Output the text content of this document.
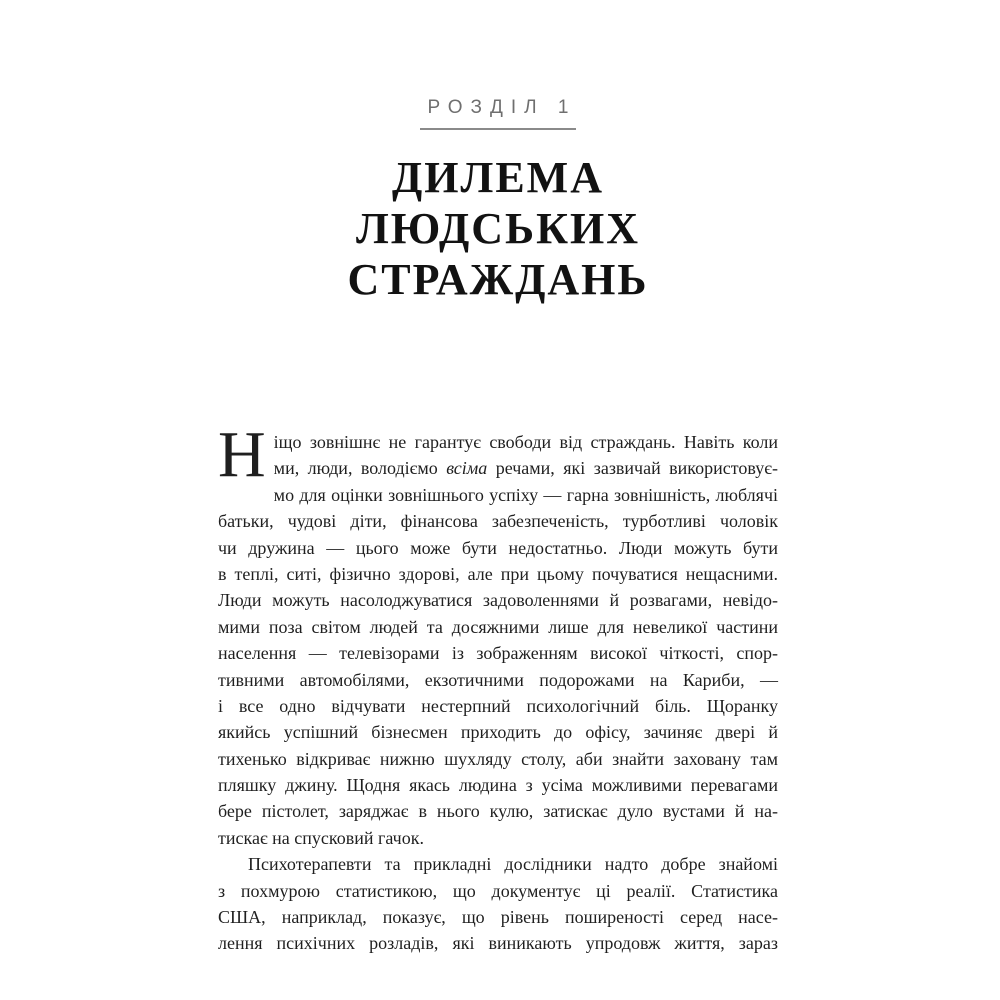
РОЗДІЛ 1
ДИЛЕМА
ЛЮДСЬКИХ
СТРАЖДАНЬ
Н іщо зовнішнє не гарантує свободи від страждань. Навіть коли
ми, люди, володіємо всіма речами, які зазвичай використовує-
мо для оцінки зовнішнього успіху — гарна зовнішність, люблячі
батьки, чудові діти, фінансова забезпеченість, турботливі чоловік
чи дружина — цього може бути недостатньо. Люди можуть бути
в теплі, ситі, фізично здорові, але при цьому почуватися нещасними.
Люди можуть насолоджуватися задоволеннями й розвагами, невідо-
мими поза світом людей та досяжними лише для невеликої частини
населення — телевізорами із зображенням високої чіткості, спор-
тивними автомобілями, екзотичними подорожами на Кариби, —
і все одно відчувати нестерпний психологічний біль. Щоранку
якийсь успішний бізнесмен приходить до офісу, зачиняє двері й
тихенько відкриває нижню шухляду столу, аби знайти заховану там
пляшку джину. Щодня якась людина з усіма можливими перевагами
бере пістолет, заряджає в нього кулю, затискає дуло вустами й на-
тискає на спусковий гачок.
Психотерапевти та прикладні дослідники надто добре знайомі
з похмурою статистикою, що документує ці реалії. Статистика
США, наприклад, показує, що рівень поширеності серед насе-
лення психічних розладів, які виникають упродовж життя, зараз
